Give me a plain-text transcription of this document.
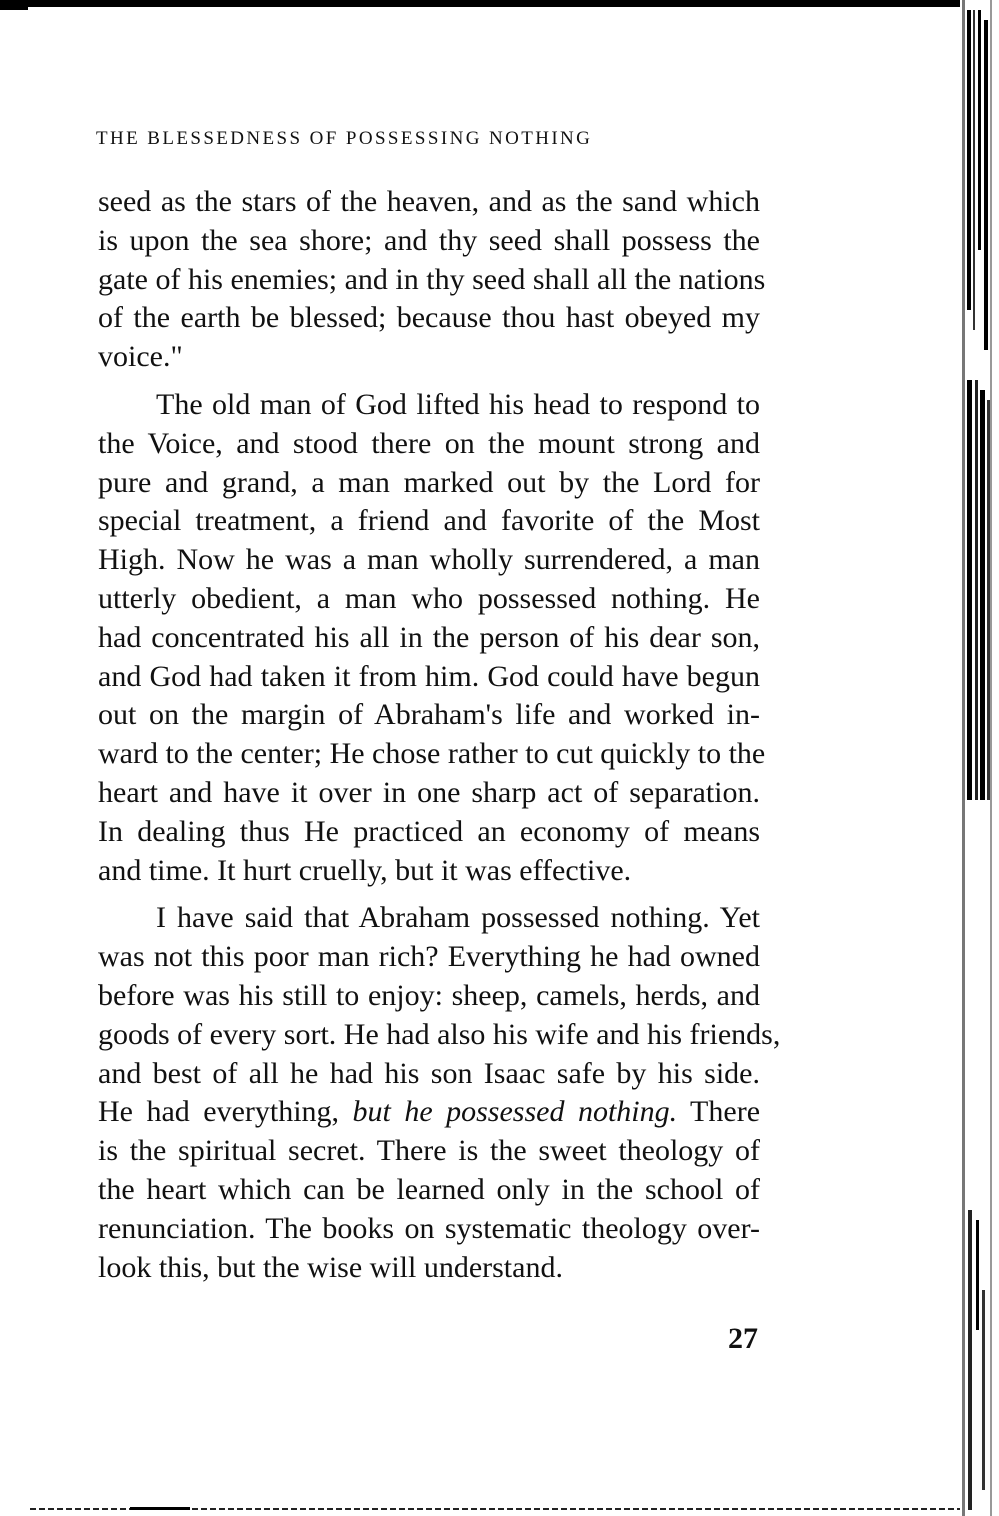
THE BLESSEDNESS OF POSSESSING NOTHING

seed as the stars of the heaven, and as the sand which
is upon the sea shore; and thy seed shall possess the
gate of his enemies; and in thy seed shall all the nations
of the earth be blessed; because thou hast obeyed my
voice."

The old man of God lifted his head to respond to
the Voice, and stood there on the mount strong and
pure and grand, a man marked out by the Lord for
special treatment, a friend and favorite of the Most
High. Now he was a man wholly surrendered, a man
utterly obedient, a man who possessed nothing. He
had concentrated his all in the person of his dear son,
and God had taken it from him. God could have begun
out on the margin of Abraham's life and worked in-
ward to the center; He chose rather to cut quickly to the
heart and have it over in one sharp act of separation.
In dealing thus He practiced an economy of means
and time. It hurt cruelly, but it was effective.

I have said that Abraham possessed nothing. Yet
was not this poor man rich? Everything he had owned
before was his still to enjoy: sheep, camels, herds, and
goods of every sort. He had also his wife and his friends,
and best of all he had his son Isaac safe by his side.
He had everything, but he possessed nothing. There
is the spiritual secret. There is the sweet theology of
the heart which can be learned only in the school of
renunciation. The books on systematic theology over-
look this, but the wise will understand.

27
